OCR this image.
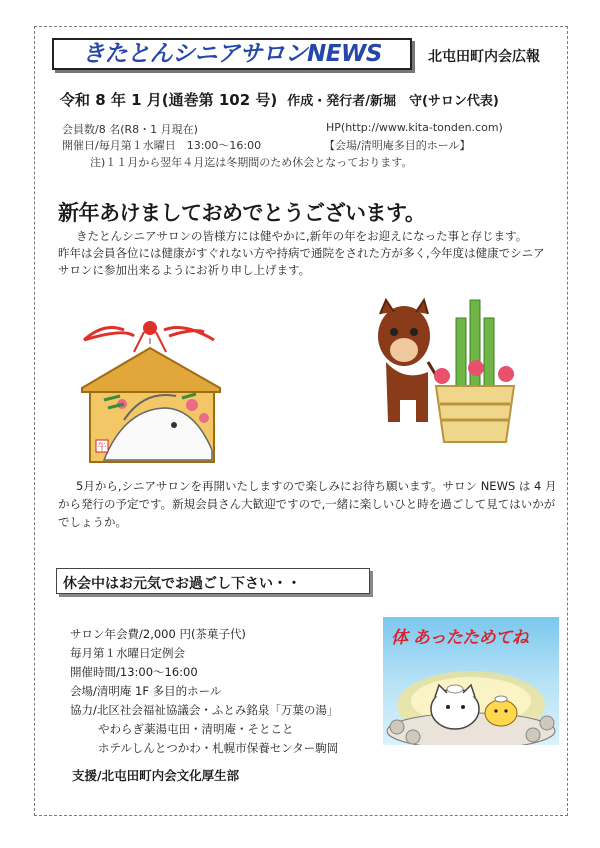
きたとんシニアサロンNEWS	北屯田町内会広報
令和 8 年 1 月(通巻第 102 号) 作成・発行者/新堀　守(サロン代表)
会員数/8 名(R8・1 月現在)	HP(http://www.kita-tonden.com)
開催日/毎月第１水曜日　13:00〜16:00	【会場/清明庵多目的ホール】
注)１１月から翌年４月迄は冬期間のため休会となっております。
新年あけましておめでとうございます。
きたとんシニアサロンの皆様方には健やかに,新年の年をお迎えになった事と存じます。
昨年は会員各位には健康がすぐれない方や持病で通院をされた方が多く,今年度は健康でシニア
サロンに参加出来るようにお祈り申し上げます。
午
5月から,シニアサロンを再開いたしますので楽しみにお待ち願います。サロン NEWS は 4 月
から発行の予定です。新規会員さん大歓迎ですので,一緒に楽しいひと時を過ごして見てはいかが
でしょうか。
休会中はお元気でお過ごし下さい・・
サロン年会費/2,000 円(茶菓子代)
毎月第１水曜日定例会
開催時間/13:00〜16:00
会場/清明庵 1F 多目的ホール
協力/北区社会福祉協議会・ふとみ銘泉「万葉の湯」
やわらぎ薬湯屯田・清明庵・そとこと
ホテルしんとつかわ・札幌市保養センター駒岡
支援/北屯田町内会文化厚生部
体 あったためてね
